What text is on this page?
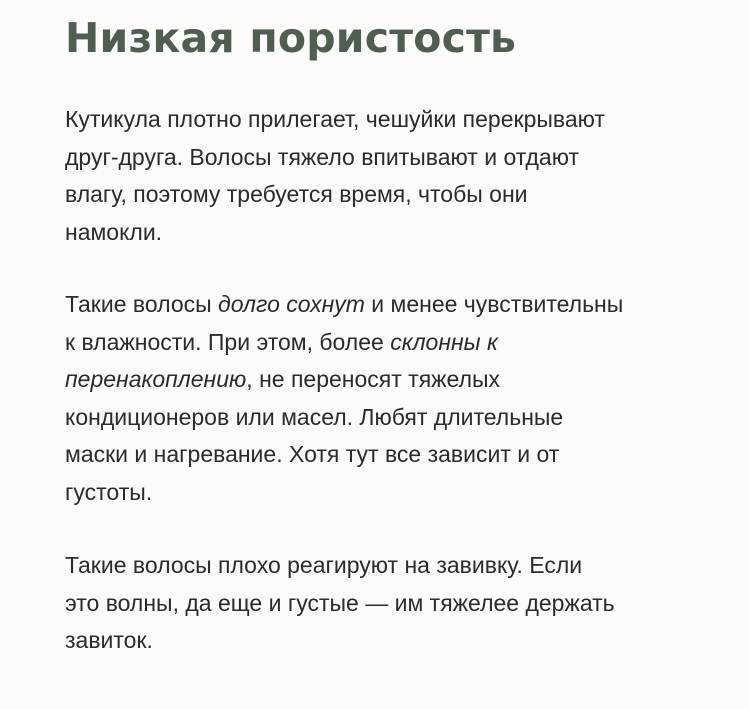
Низкая пористость

Кутикула плотно прилегает, чешуйки перекрывают
друг-друга. Волосы тяжело впитывают и отдают
влагу, поэтому требуется время, чтобы они
намокли.

Такие волосы долго сохнут и менее чувствительны
к влажности. При этом, более склонны к
перенакоплению, не переносят тяжелых
кондиционеров или масел. Любят длительные
маски и нагревание. Хотя тут все зависит и от
густоты.

Такие волосы плохо реагируют на завивку. Если
это волны, да еще и густые — им тяжелее держать
завиток.
